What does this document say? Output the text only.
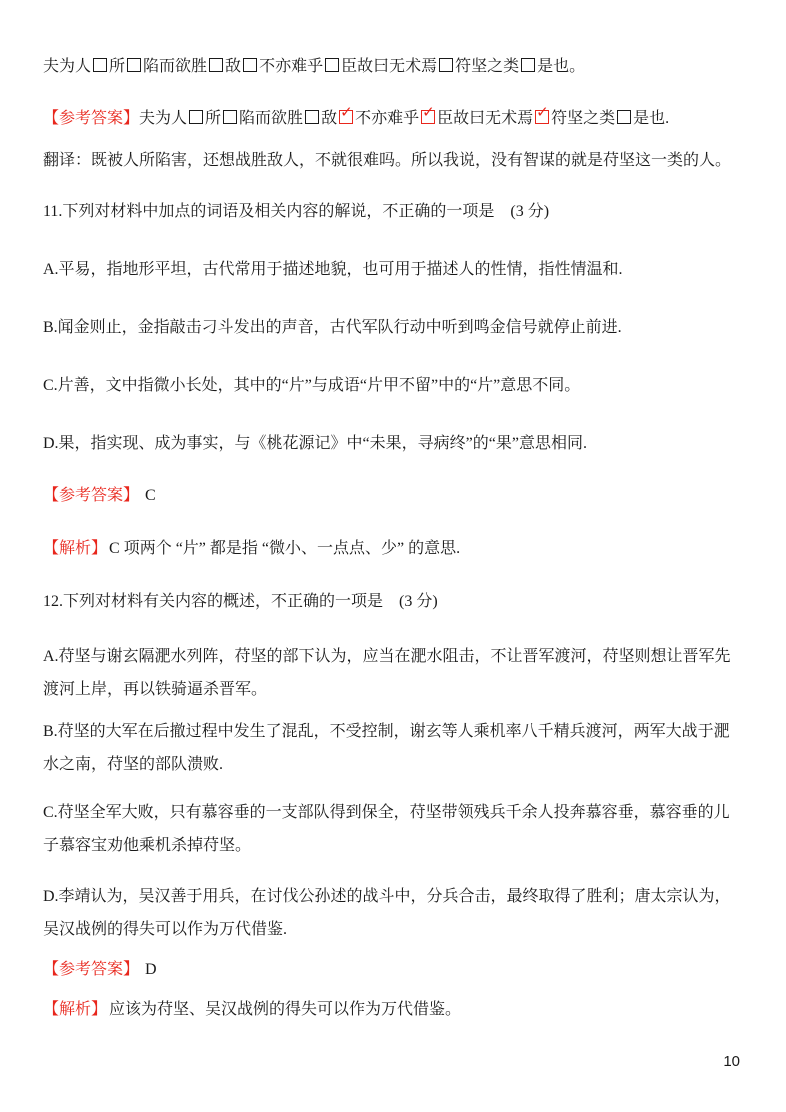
夫为人 所 陷而欲胜 敌 不亦难乎 臣故曰无术焉 符坚之类 是也。

【参考答案】夫为人 所 陷而欲胜 敌 ✓ 不亦难乎 ✓ 臣故曰无术焉 ✓ 符坚之类 是也.

翻译：既被人所陷害，还想战胜敌人，不就很难吗。所以我说，没有智谋的就是苻坚这一类的人。

11.下列对材料中加点的词语及相关内容的解说，不正确的一项是　(3 分)

A.平易，指地形平坦，古代常用于描述地貌，也可用于描述人的性情，指性情温和.

B.闻金则止，金指敲击刁斗发出的声音，古代军队行动中听到鸣金信号就停止前进.

C.片善，文中指微小长处，其中的“片”与成语“片甲不留”中的“片”意思不同。

D.果，指实现、成为事实，与《桃花源记》中“未果，寻病终”的“果”意思相同.

【参考答案】 C

【解析】 C 项两个 “片” 都是指 “微小、一点点、少” 的意思.

12.下列对材料有关内容的概述，不正确的一项是　(3 分)

A.苻坚与谢玄隔淝水列阵，苻坚的部下认为，应当在淝水阻击，不让晋军渡河，苻坚则想让晋军先渡河上岸，再以铁骑逼杀晋军。

B.苻坚的大军在后撤过程中发生了混乱，不受控制，谢玄等人乘机率八千精兵渡河，两军大战于淝水之南，苻坚的部队溃败.

C.苻坚全军大败，只有慕容垂的一支部队得到保全，苻坚带领残兵千余人投奔慕容垂，慕容垂的儿子慕容宝劝他乘机杀掉苻坚。

D.李靖认为，吴汉善于用兵，在讨伐公孙述的战斗中，分兵合击，最终取得了胜利；唐太宗认为，吴汉战例的得失可以作为万代借鉴.

【参考答案】 D

【解析】 应该为苻坚、吴汉战例的得失可以作为万代借鉴。

10
